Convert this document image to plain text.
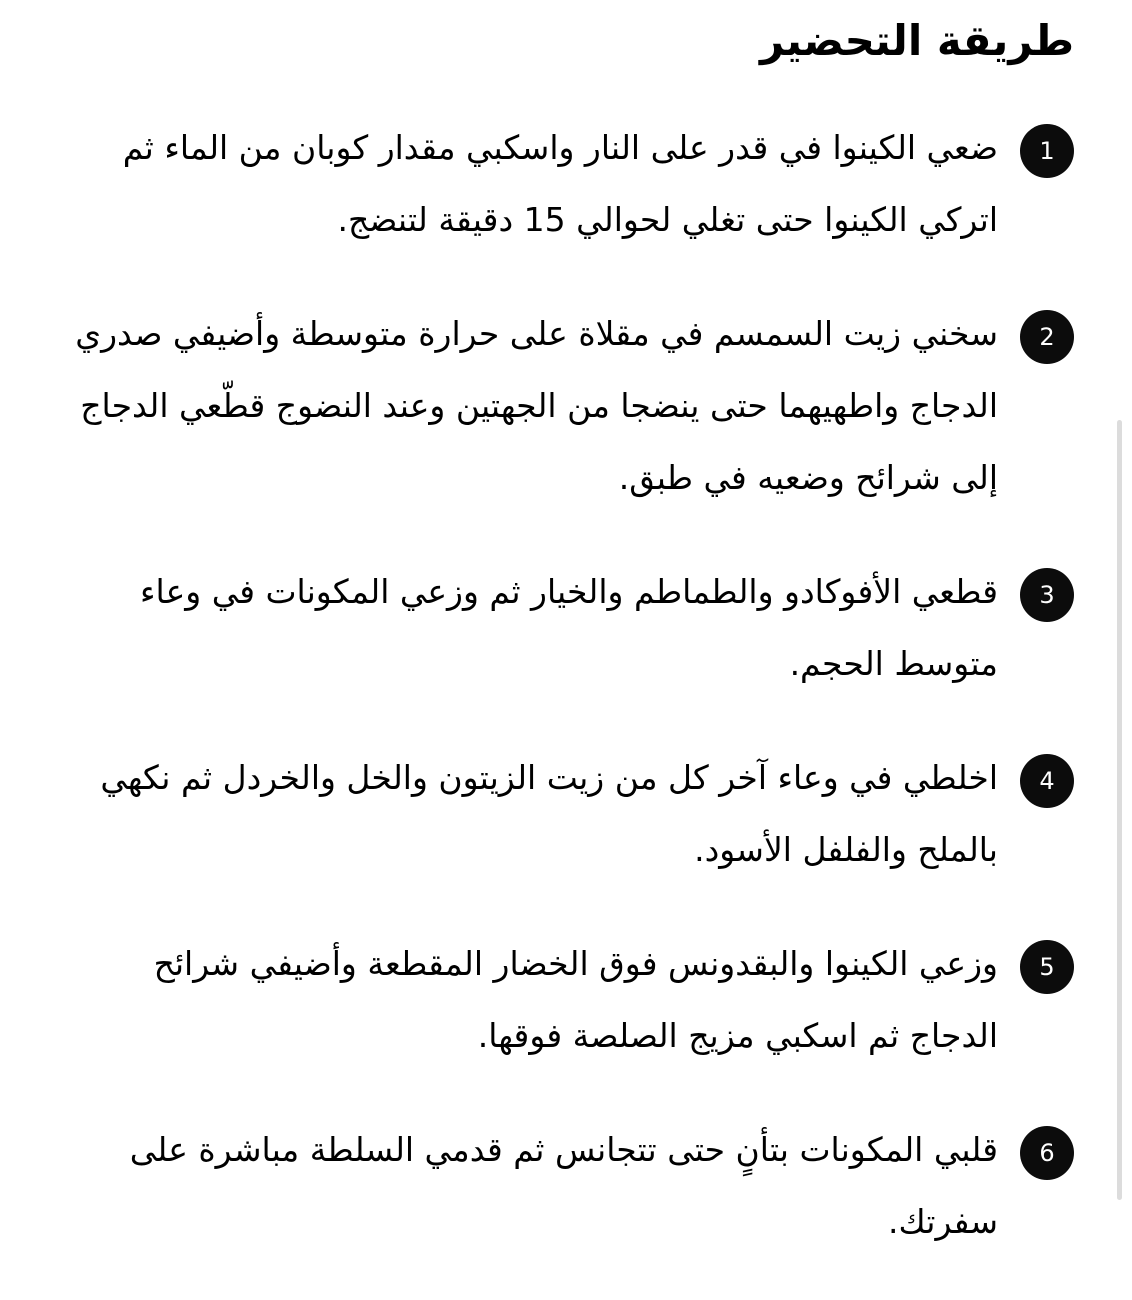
طريقة التحضير
1

ضعي الكينوا في قدر على النار واسكبي مقدار كوبان من الماء ثم اتركي الكينوا حتى تغلي لحوالي 15 دقيقة لتنضج.

2

سخني زيت السمسم في مقلاة على حرارة متوسطة وأضيفي صدري الدجاج واطهيهما حتى ينضجا من الجهتين وعند النضوج قطّعي الدجاج إلى شرائح وضعيه في طبق.

3

قطعي الأفوكادو والطماطم والخيار ثم وزعي المكونات في وعاء متوسط الحجم.

4

اخلطي في وعاء آخر كل من زيت الزيتون والخل والخردل ثم نكهي بالملح والفلفل الأسود.

5

وزعي الكينوا والبقدونس فوق الخضار المقطعة وأضيفي شرائح الدجاج ثم اسكبي مزيج الصلصة فوقها.

6

قلبي المكونات بتأنٍ حتى تتجانس ثم قدمي السلطة مباشرة على سفرتك.
